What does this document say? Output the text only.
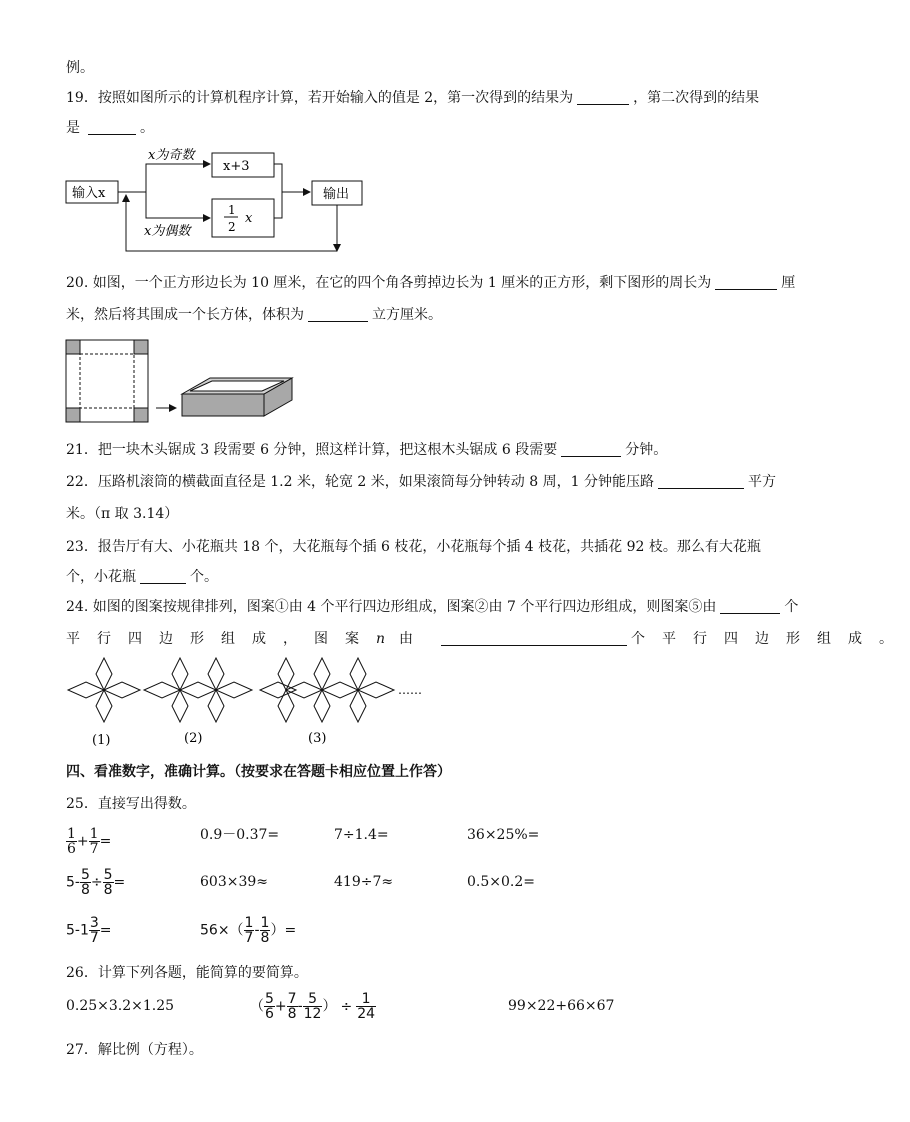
例。
19．按照如图所示的计算机程序计算，若开始输入的值是 2，第一次得到的结果为	，第二次得到的结果
是	。
输入x
x为奇数
x为偶数
x+3
1
2
x
输出
20. 如图，一个正方形边长为 10 厘米，在它的四个角各剪掉边长为 1 厘米的正方形，剩下图形的周长为	厘
米，然后将其围成一个长方体，体积为	立方厘米。
21．把一块木头锯成 3 段需要 6 分钟，照这样计算，把这根木头锯成 6 段需要	分钟。
22．压路机滚筒的横截面直径是 1.2 米，轮宽 2 米，如果滚筒每分钟转动 8 周，1 分钟能压路	平方
米。（π 取 3.14）
23．报告厅有大、小花瓶共 18 个，大花瓶每个插 6 枝花，小花瓶每个插 4 枝花，共插花 92 枝。那么有大花瓶
个，小花瓶	个。
24. 如图的图案按规律排列，图案①由 4 个平行四边形组成，图案②由 7 个平行四边形组成，则图案⑤由	个
平行四边形组成，图案n 由	个平行四边形组成。
(1)	(2)	(3)
……
四、看准数字，准确计算。（按要求在答题卡相应位置上作答）
25．直接写出得数。
$\frac{1}{6} + \frac{1}{7}$ =	0.9－0.37=	7÷1.4=	36×25%=
$5- \frac{5}{8} \div \frac{5}{8}$ =	603×39≈	419÷7≈	0.5×0.2=
$5-1 \frac{3}{7}$ =	$56\times( \frac{1}{7} - \frac{1}{8}$ ）=
26．计算下列各题，能简算的要简算。
0.25×3.2×1.25	（ $\frac{5}{6} + \frac{7}{8} - \frac{5}{12}$ ） ÷ $\frac{1}{24}$	99×22+66×67
27．解比例（方程）。
